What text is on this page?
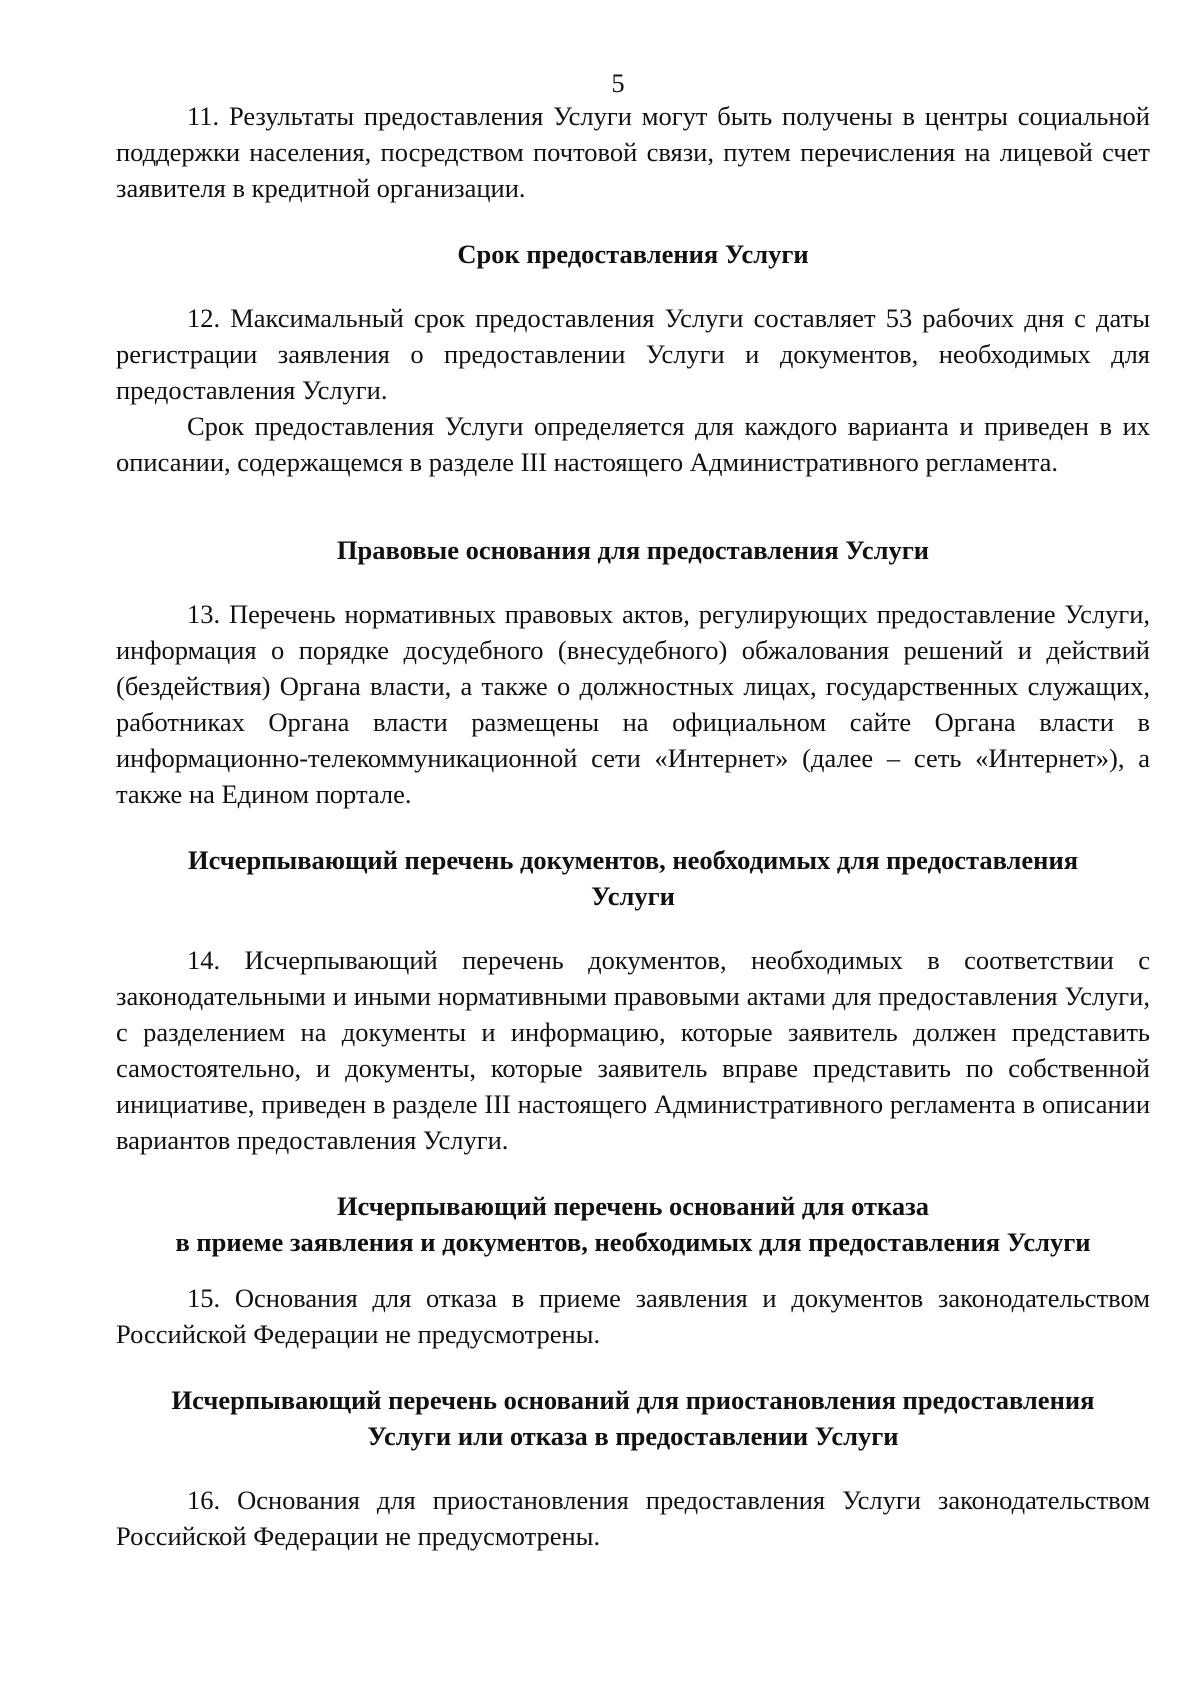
5

11. Результаты предоставления Услуги могут быть получены в центры социальной поддержки населения, посредством почтовой связи, путем перечисления на лицевой счет заявителя в кредитной организации.

Срок предоставления Услуги

12. Максимальный срок предоставления Услуги составляет 53 рабочих дня с даты регистрации заявления о предоставлении Услуги и документов, необходимых для предоставления Услуги.

Срок предоставления Услуги определяется для каждого варианта и приведен в их описании, содержащемся в разделе III настоящего Административного регламента.

Правовые основания для предоставления Услуги

13. Перечень нормативных правовых актов, регулирующих предоставление Услуги, информация о порядке досудебного (внесудебного) обжалования решений и действий (бездействия) Органа власти, а также о должностных лицах, государственных служащих, работниках Органа власти размещены на официальном сайте Органа власти в информационно-телекоммуникационной сети «Интернет» (далее – сеть «Интернет»), а также на Едином портале.

Исчерпывающий перечень документов, необходимых для предоставления
Услуги

14. Исчерпывающий перечень документов, необходимых в соответствии с законодательными и иными нормативными правовыми актами для предоставления Услуги, с разделением на документы и информацию, которые заявитель должен представить самостоятельно, и документы, которые заявитель вправе представить по собственной инициативе, приведен в разделе III настоящего Административного регламента в описании вариантов предоставления Услуги.

Исчерпывающий перечень оснований для отказа
в приеме заявления и документов, необходимых для предоставления Услуги

15. Основания для отказа в приеме заявления и документов законодательством Российской Федерации не предусмотрены.

Исчерпывающий перечень оснований для приостановления предоставления
Услуги или отказа в предоставлении Услуги

16. Основания для приостановления предоставления Услуги законодательством Российской Федерации не предусмотрены.
